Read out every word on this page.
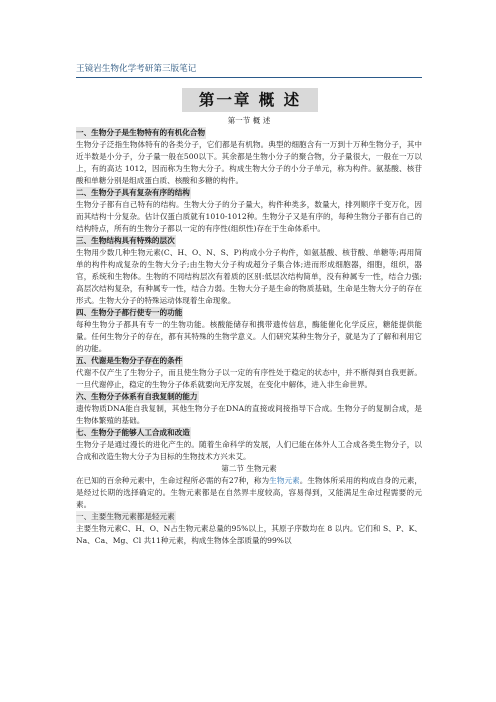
王镜岩生物化学考研第三版笔记
第一章 概 述
第一节 概 述
一、生物分子是生物特有的有机化合物

生物分子泛指生物体特有的各类分子，它们都是有机物。典型的细胞含有一万到十万种生物分子，其中近半数是小分子，分子量一般在500以下。其余都是生物小分子的聚合物，分子量很大，一般在一万以上，有的高达 1012，因而称为生物大分子。构成生物大分子的小分子单元，称为构件。氨基酸、核苷酸和单糖分别是组成蛋白质、核酸和多糖的构件。

二、生物分子具有复杂有序的结构

生物分子都有自己特有的结构。生物大分子的分子量大，构件种类多，数量大，排列顺序千变万化，因而其结构十分复杂。估计仅蛋白质就有1010-1012种。生物分子又是有序的，每种生物分子都有自己的结构特点，所有的生物分子都以一定的有序性(组织性)存在于生命体系中。

三、生物结构具有特殊的层次

生物用少数几种生物元素(C、H、O、N、S、P)构成小分子构件，如氨基酸、核苷酸、单糖等;再用简单的构件构成复杂的生物大分子;由生物大分子构成超分子集合体;进而形成细胞器，细胞，组织，器官，系统和生物体。生物的不同结构层次有着质的区别:低层次结构简单，没有种属专一性，结合力强;高层次结构复杂，有种属专一性，结合力弱。生物大分子是生命的物质基础，生命是生物大分子的存在形式。生物大分子的特殊运动体现着生命现象。

四、生物分子都行使专一的功能

每种生物分子都具有专一的生物功能。核酸能储存和携带遗传信息，酶能催化化学反应，糖能提供能量。任何生物分子的存在，都有其特殊的生物学意义。人们研究某种生物分子，就是为了了解和利用它的功能。

五、代谢是生物分子存在的条件

代谢不仅产生了生物分子，而且使生物分子以一定的有序性处于稳定的状态中，并不断得到自我更新。一旦代谢停止，稳定的生物分子体系就要向无序发展，在变化中解体，进入非生命世界。

六、生物分子体系有自我复制的能力

遗传物质DNA能自我复制，其他生物分子在DNA的直接或间接指导下合成。生物分子的复制合成，是生物体繁殖的基础。

七、生物分子能够人工合成和改造

生物分子是通过漫长的进化产生的。随着生命科学的发展，人们已能在体外人工合成各类生物分子，以合成和改造生物大分子为目标的生物技术方兴未艾。

第二节 生物元素

在已知的百余种元素中，生命过程所必需的有27种，称为生物元素。生物体所采用的构成自身的元素，是经过长期的选择确定的。生物元素都是在自然界丰度较高，容易得到，又能满足生命过程需要的元素。

一、主要生物元素都是轻元素

主要生物元素C、H、O、N占生物元素总量的95%以上，其原子序数均在 8 以内。它们和 S、P、K、Na、Ca、Mg、Cl 共11种元素，构成生物体全部质量的99%以
